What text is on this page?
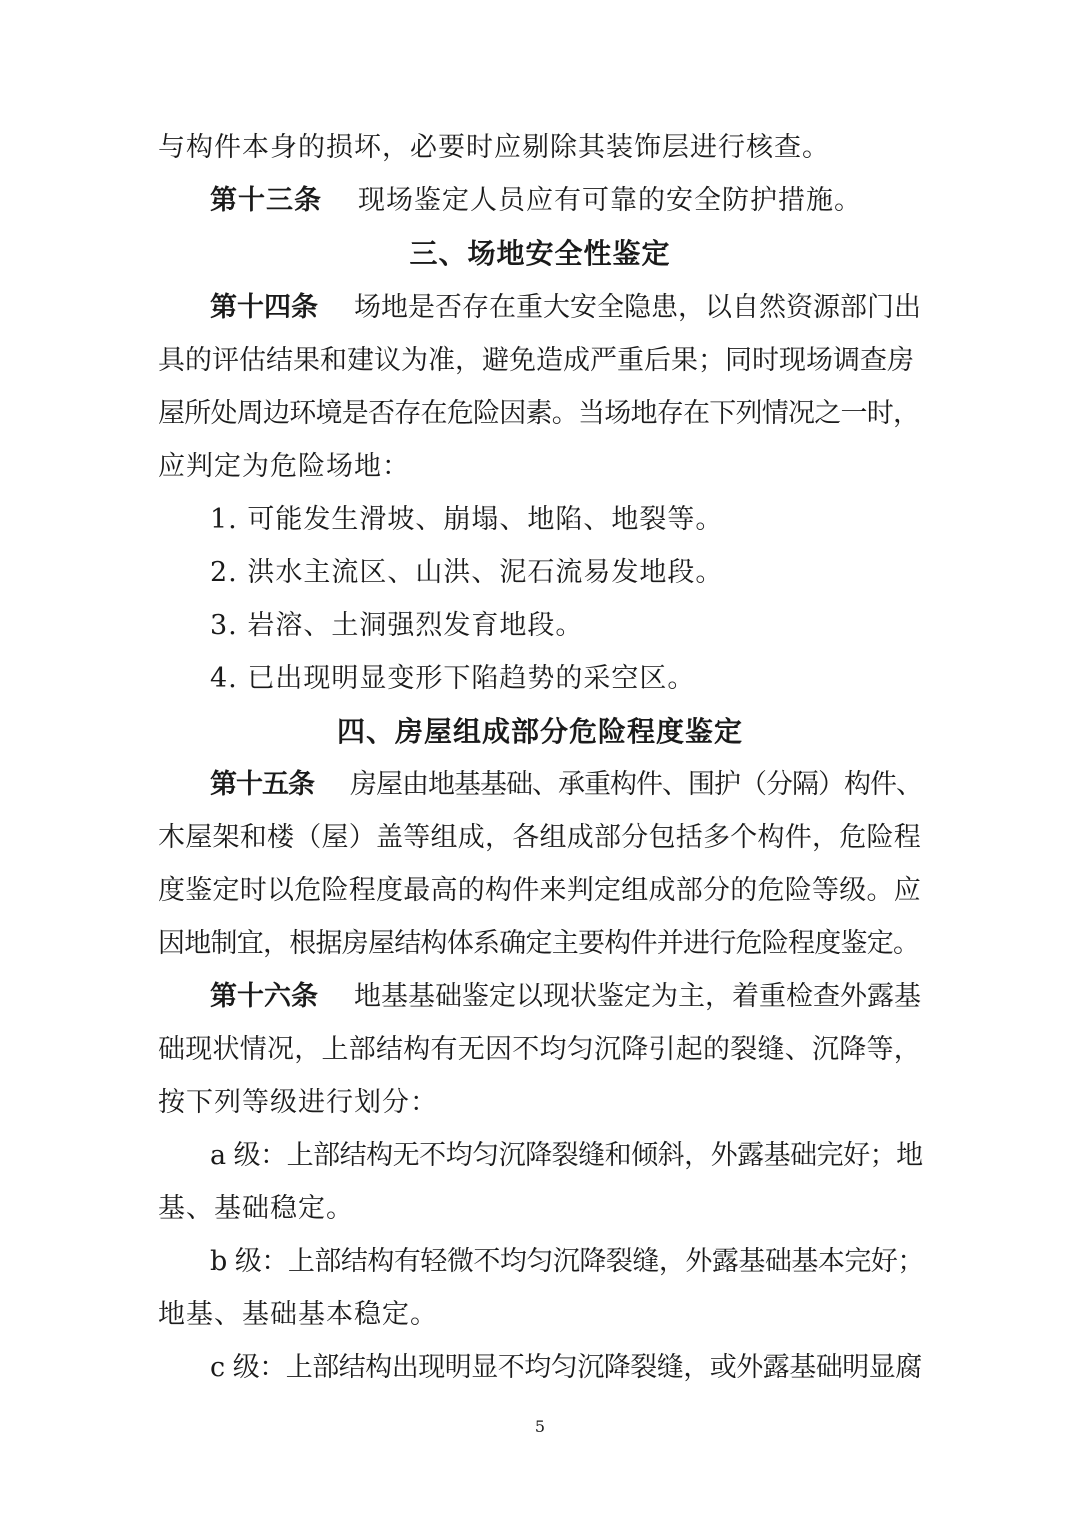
与构件本身的损坏，必要时应剔除其装饰层进行核查。
第十三条 现场鉴定人员应有可靠的安全防护措施。
三、场地安全性鉴定
第十四条 场地是否存在重大安全隐患，以自然资源部门出
具的评估结果和建议为准，避免造成严重后果；同时现场调查房
屋所处周边环境是否存在危险因素。当场地存在下列情况之一时，
应判定为危险场地：
1. 可能发生滑坡、崩塌、地陷、地裂等。
2. 洪水主流区、山洪、泥石流易发地段。
3. 岩溶、土洞强烈发育地段。
4. 已出现明显变形下陷趋势的采空区。
四、房屋组成部分危险程度鉴定
第十五条 房屋由地基基础、承重构件、围护（分隔）构件、
木屋架和楼（屋）盖等组成，各组成部分包括多个构件，危险程
度鉴定时以危险程度最高的构件来判定组成部分的危险等级。应
因地制宜，根据房屋结构体系确定主要构件并进行危险程度鉴定。
第十六条 地基基础鉴定以现状鉴定为主，着重检查外露基
础现状情况，上部结构有无因不均匀沉降引起的裂缝、沉降等，
按下列等级进行划分：
a 级：上部结构无不均匀沉降裂缝和倾斜，外露基础完好；地
基、基础稳定。
b 级：上部结构有轻微不均匀沉降裂缝，外露基础基本完好；
地基、基础基本稳定。
c 级：上部结构出现明显不均匀沉降裂缝，或外露基础明显腐
5
